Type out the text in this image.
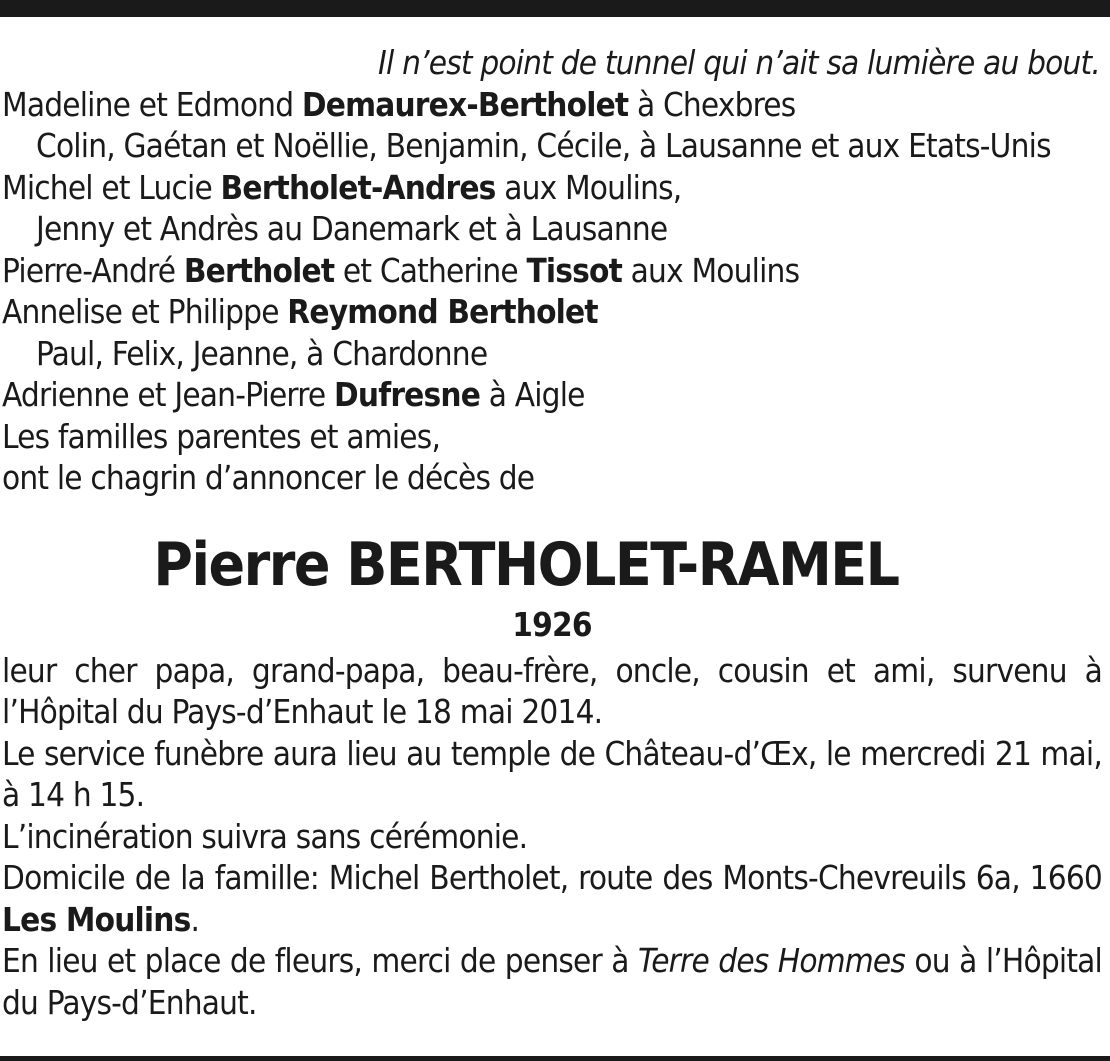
Il n’est point de tunnel qui n’ait sa lumière au bout.
Madeline et Edmond Demaurex-Bertholet à Chexbres
Colin, Gaétan et Noëllie, Benjamin, Cécile, à Lausanne et aux Etats-Unis
Michel et Lucie Bertholet-Andres aux Moulins,
Jenny et Andrès au Danemark et à Lausanne
Pierre-André Bertholet et Catherine Tissot aux Moulins
Annelise et Philippe Reymond Bertholet
Paul, Felix, Jeanne, à Chardonne
Adrienne et Jean-Pierre Dufresne à Aigle
Les familles parentes et amies,
ont le chagrin d’annoncer le décès de
Pierre BERTHOLET-RAMEL
1926
leur cher papa, grand-papa, beau-frère, oncle, cousin et ami, survenu à l’Hôpital du Pays-d’Enhaut le 18 mai 2014.
Le service funèbre aura lieu au temple de Château-d’Œx, le mercredi 21 mai, à 14 h 15.
L’incinération suivra sans cérémonie.
Domicile de la famille: Michel Bertholet, route des Monts-Chevreuils 6a, 1660 Les Moulins.
En lieu et place de fleurs, merci de penser à Terre des Hommes ou à l’Hôpital du Pays-d’Enhaut.
